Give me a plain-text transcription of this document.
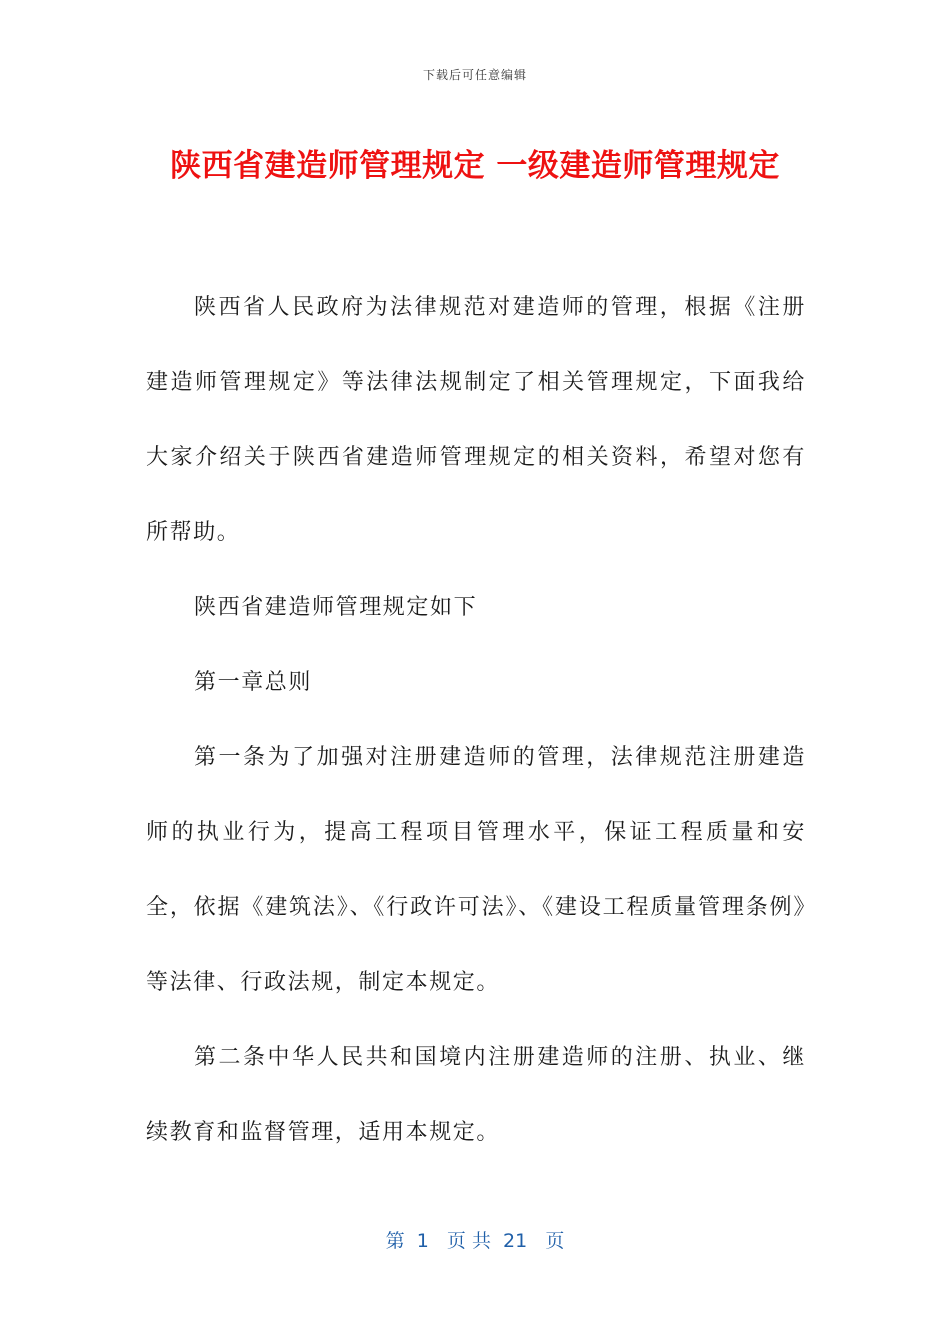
下载后可任意编辑
陕西省建造师管理规定 一级建造师管理规定

陕西省人民政府为法律规范对建造师的管理，根据《注册建造师管理规定》等法律法规制定了相关管理规定，下面我给大家介绍关于陕西省建造师管理规定的相关资料，希望对您有所帮助。

陕西省建造师管理规定如下

第一章总则

第一条为了加强对注册建造师的管理，法律规范注册建造师的执业行为，提高工程项目管理水平，保证工程质量和安全，依据《建筑法》、《行政许可法》、《建设工程质量管理条例》等法律、行政法规，制定本规定。

第二条中华人民共和国境内注册建造师的注册、执业、继续教育和监督管理，适用本规定。

第  1   页 共  21   页
